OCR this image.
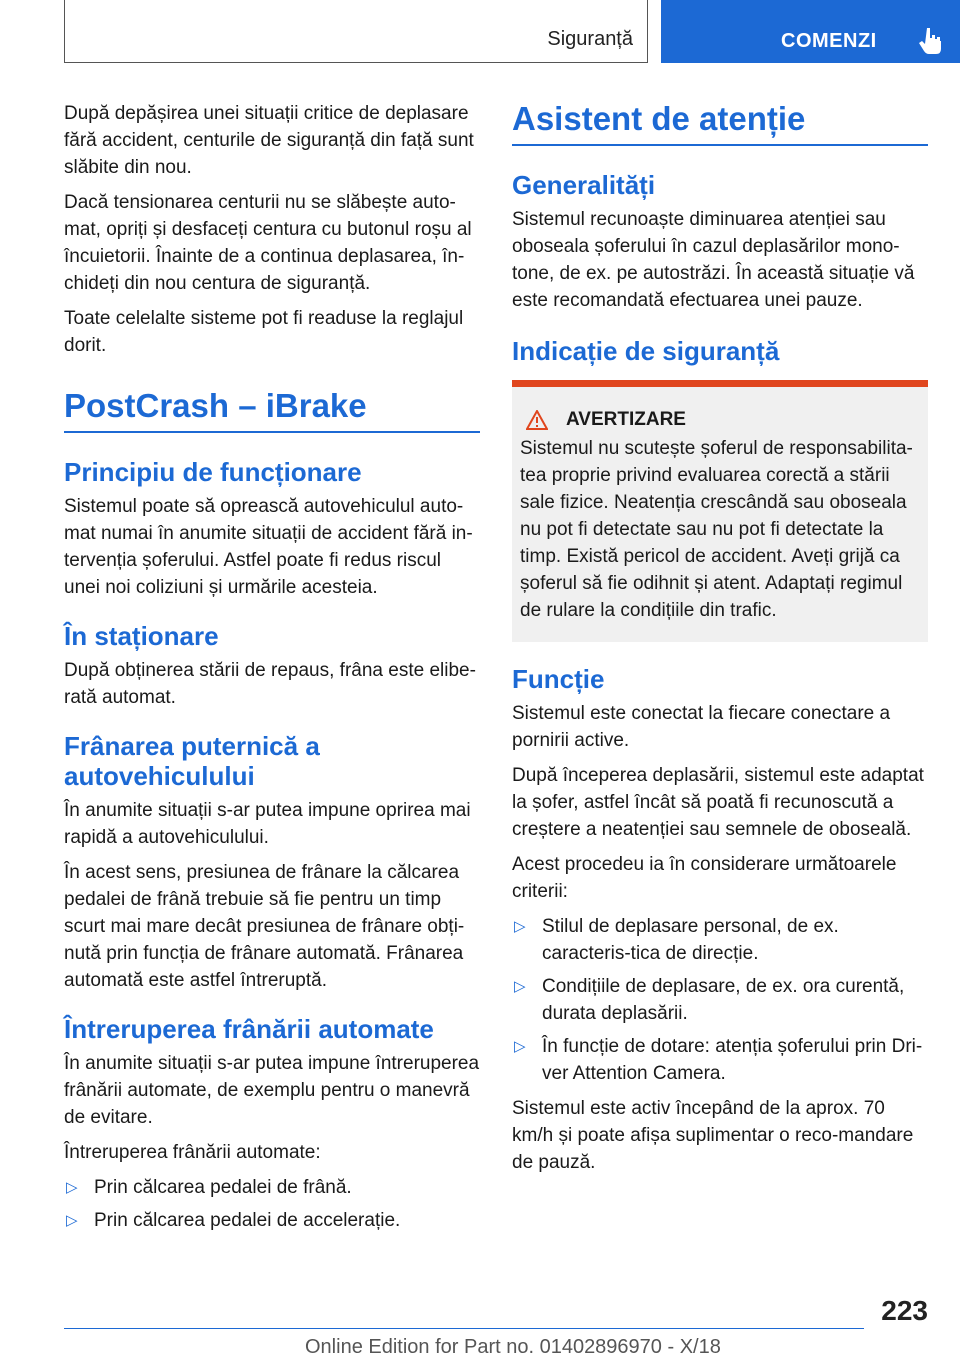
Siguranță	COMENZI

După depășirea unei situații critice de deplasare fără accident, centurile de siguranță din față sunt slăbite din nou.

Dacă tensionarea centurii nu se slăbește auto-mat, opriți și desfaceți centura cu butonul roșu al încuietorii. Înainte de a continua deplasarea, în-chideți din nou centura de siguranță.

Toate celelalte sisteme pot fi readuse la reglajul dorit.

PostCrash – iBrake
Principiu de funcționare

Sistemul poate să oprească autovehiculul auto-mat numai în anumite situații de accident fără in-tervenția șoferului. Astfel poate fi redus riscul unei noi coliziuni și urmările acesteia.

În staționare

După obținerea stării de repaus, frâna este elibe-rată automat.

Frânarea puternică a autovehiculului

În anumite situații s-ar putea impune oprirea mai rapidă a autovehiculului.

În acest sens, presiunea de frânare la călcarea pedalei de frână trebuie să fie pentru un timp scurt mai mare decât presiunea de frânare obți-nută prin funcția de frânare automată. Frânarea automată este astfel întreruptă.

Întreruperea frânării automate

În anumite situații s-ar putea impune întreruperea frânării automate, de exemplu pentru o manevră de evitare.

Întreruperea frânării automate:

▷ Prin călcarea pedalei de frână.
▷ Prin călcarea pedalei de accelerație.
Asistent de atenție
Generalități

Sistemul recunoaște diminuarea atenției sau oboseala șoferului în cazul deplasărilor mono-tone, de ex. pe autostrăzi. În această situație vă este recomandată efectuarea unei pauze.

Indicație de siguranță
AVERTIZARE

Sistemul nu scutește șoferul de responsabilita-tea proprie privind evaluarea corectă a stării sale fizice. Neatenția crescândă sau oboseala nu pot fi detectate sau nu pot fi detectate la timp. Există pericol de accident. Aveți grijă ca șoferul să fie odihnit și atent. Adaptați regimul de rulare la condițiile din trafic.

Funcție

Sistemul este conectat la fiecare conectare a pornirii active.

După începerea deplasării, sistemul este adaptat la șofer, astfel încât să poată fi recunoscută a creștere a neatenției sau semnele de oboseală.

Acest procedeu ia în considerare următoarele criterii:

▷ Stilul de deplasare personal, de ex. caracteris-tica de direcție.
▷ Condițiile de deplasare, de ex. ora curentă, durata deplasării.
▷ În funcție de dotare: atenția șoferului prin Dri-ver Attention Camera.

Sistemul este activ începând de la aprox. 70 km/h și poate afișa suplimentar o reco-mandare de pauză.

223
Online Edition for Part no. 01402896970 - X/18
